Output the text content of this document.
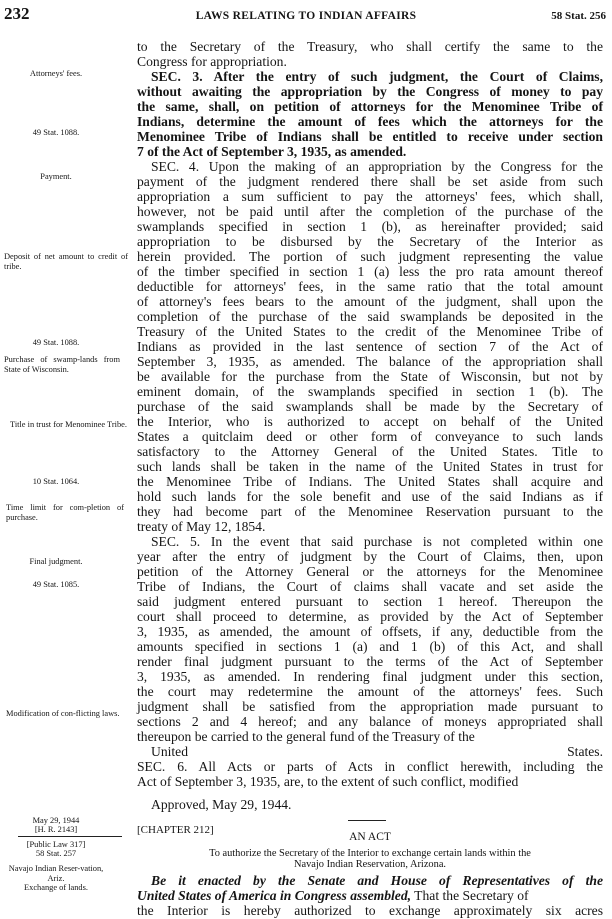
232	LAWS RELATING TO INDIAN AFFAIRS	58 Stat. 256
Attorneys' fees.
49 Stat. 1088.
Payment.
Deposit of net amount to credit of tribe.
49 Stat. 1088.
Purchase of swamp-lands from State of Wisconsin.
Title in trust for Menominee Tribe.
10 Stat. 1064.
Time limit for com-pletion of purchase.
Final judgment.
49 Stat. 1085.
Modification of con-flicting laws.
May 29, 1944
[H. R. 2143]
[Public Law 317]
58 Stat. 257
Navajo Indian Reser-vation, Ariz.
Exchange of lands.
to the Secretary of the Treasury, who shall certify the same to the
Congress for appropriation.
SEC. 3. After the entry of such judgment, the Court of Claims,
without awaiting the appropriation by the Congress of money to pay
the same, shall, on petition of attorneys for the Menominee Tribe of
Indians, determine the amount of fees which the attorneys for the
Menominee Tribe of Indians shall be entitled to receive under section
7 of the Act of September 3, 1935, as amended.
SEC. 4. Upon the making of an appropriation by the Congress for the
payment of the judgment rendered there shall be set aside from such
appropriation a sum sufficient to pay the attorneys' fees, which shall,
however, not be paid until after the completion of the purchase of the
swamplands specified in section 1 (b), as hereinafter provided; said
appropriation to be disbursed by the Secretary of the Interior as
herein provided. The portion of such judgment representing the value
of the timber specified in section 1 (a) less the pro rata amount thereof
deductible for attorneys' fees, in the same ratio that the total amount
of attorney's fees bears to the amount of the judgment, shall upon the
completion of the purchase of the said swamplands be deposited in the
Treasury of the United States to the credit of the Menominee Tribe of
Indians as provided in the last sentence of section 7 of the Act of
September 3, 1935, as amended. The balance of the appropriation shall
be available for the purchase from the State of Wisconsin, but not by
eminent domain, of the swamplands specified in section 1 (b). The
purchase of the said swamplands shall be made by the Secretary of
the Interior, who is authorized to accept on behalf of the United
States a quitclaim deed or other form of conveyance to such lands
satisfactory to the Attorney General of the United States. Title to
such lands shall be taken in the name of the United States in trust for
the Menominee Tribe of Indians. The United States shall acquire and
hold such lands for the sole benefit and use of the said Indians as if
they had become part of the Menominee Reservation pursuant to the
treaty of May 12, 1854.
SEC. 5. In the event that said purchase is not completed within one
year after the entry of judgment by the Court of Claims, then, upon
petition of the Attorney General or the attorneys for the Menominee
Tribe of Indians, the Court of claims shall vacate and set aside the
said judgment entered pursuant to section 1 hereof. Thereupon the
court shall proceed to determine, as provided by the Act of September
3, 1935, as amended, the amount of offsets, if any, deductible from the
amounts specified in sections 1 (a) and 1 (b) of this Act, and shall
render final judgment pursuant to the terms of the Act of September
3, 1935, as amended. In rendering final judgment under this section,
the court may redetermine the amount of the attorneys' fees. Such
judgment shall be satisfied from the appropriation made pursuant to
sections 2 and 4 hereof; and any balance of moneys appropriated shall
thereupon be carried to the general fund of the Treasury of the
United States.
SEC. 6. All Acts or parts of Acts in conflict herewith, including the
Act of September 3, 1935, are, to the extent of such conflict, modified
Approved, May 29, 1944.
[CHAPTER 212]
AN ACT
To authorize the Secretary of the Interior to exchange certain lands within the
Navajo Indian Reservation, Arizona.
Be it enacted by the Senate and House of Representatives of the
United States of America in Congress assembled, That the Secretary of
the Interior is hereby authorized to exchange approximately six acres
